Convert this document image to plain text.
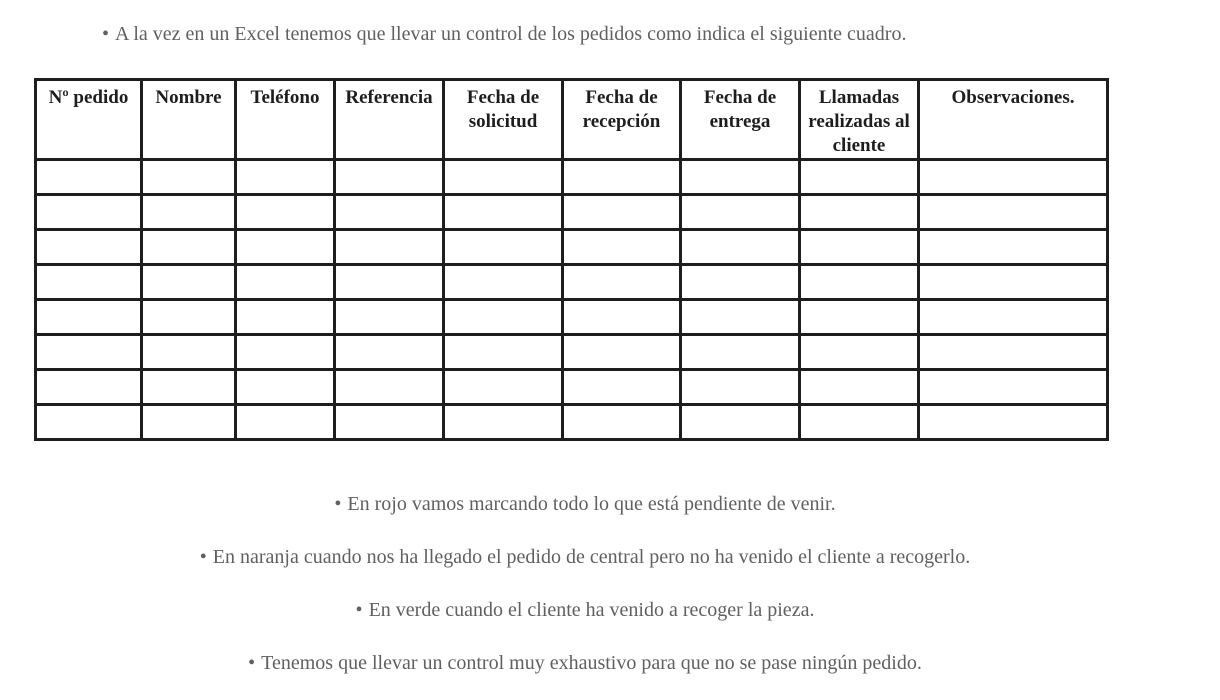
• A la vez en un Excel tenemos que llevar un control de los pedidos como indica el siguiente cuadro.
Nº pedido	Nombre	Teléfono	Referencia	Fecha de solicitud	Fecha de recepción	Fecha de entrega	Llamadas realizadas al cliente	Observaciones.

• En rojo vamos marcando todo lo que está pendiente de venir.
• En naranja cuando nos ha llegado el pedido de central pero no ha venido el cliente a recogerlo.
• En verde cuando el cliente ha venido a recoger la pieza.
• Tenemos que llevar un control muy exhaustivo para que no se pase ningún pedido.
